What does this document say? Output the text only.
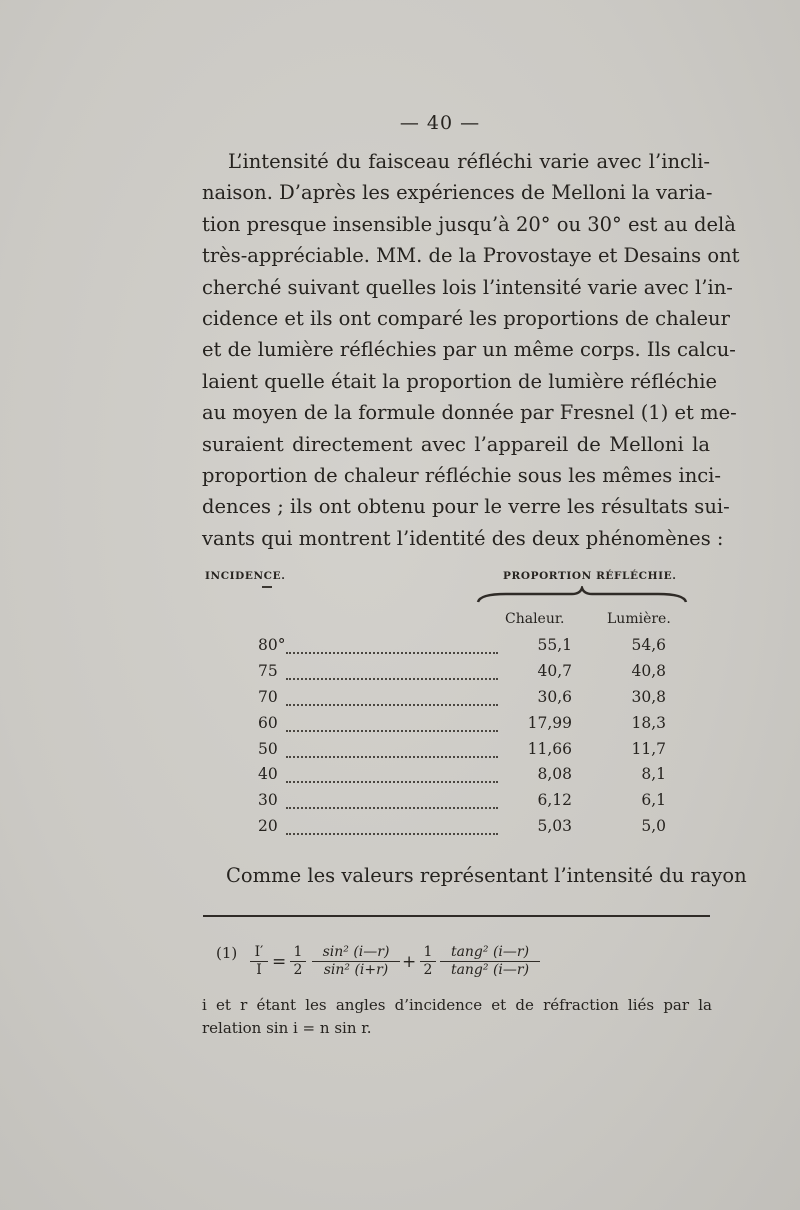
— 40 —
L’intensité du faisceau réfléchi varie avec l’incli-
naison. D’après les expériences de Melloni la varia-
tion presque insensible jusqu’à 20° ou 30° est au delà
très-appréciable. MM. de la Provostaye et Desains ont
cherché suivant quelles lois l’intensité varie avec l’in-
cidence et ils ont comparé les proportions de chaleur
et de lumière réfléchies par un même corps. Ils calcu-
laient quelle était la proportion de lumière réfléchie
au moyen de la formule donnée par Fresnel (1) et me-
suraient directement avec l’appareil de Melloni la
proportion de chaleur réfléchie sous les mêmes inci-
dences ; ils ont obtenu pour le verre les résultats sui-
vants qui montrent l’identité des deux phénomènes :
INCIDENCE.	PROPORTION RÉFLÉCHIE.
Chaleur.	Lumière.
80°	55,1	54,6
75	40,7	40,8
70	30,6	30,8
60	17,99	18,3
50	11,66	11,7
40	8,08	8,1
30	6,12	6,1
20	5,03	5,0
Comme les valeurs représentant l’intensité du rayon
$(1) \frac{I'}{I} = \frac{1}{2} \frac{\text{sin² (i—r)}}{\text{sin² (i+r)}} + \frac{1}{2} \frac{\text{tang² (i—r)}}{\text{tang² (i—r)}}$
i et r étant les angles d’incidence et de réfraction liés par la
relation sin i = n sin r.
